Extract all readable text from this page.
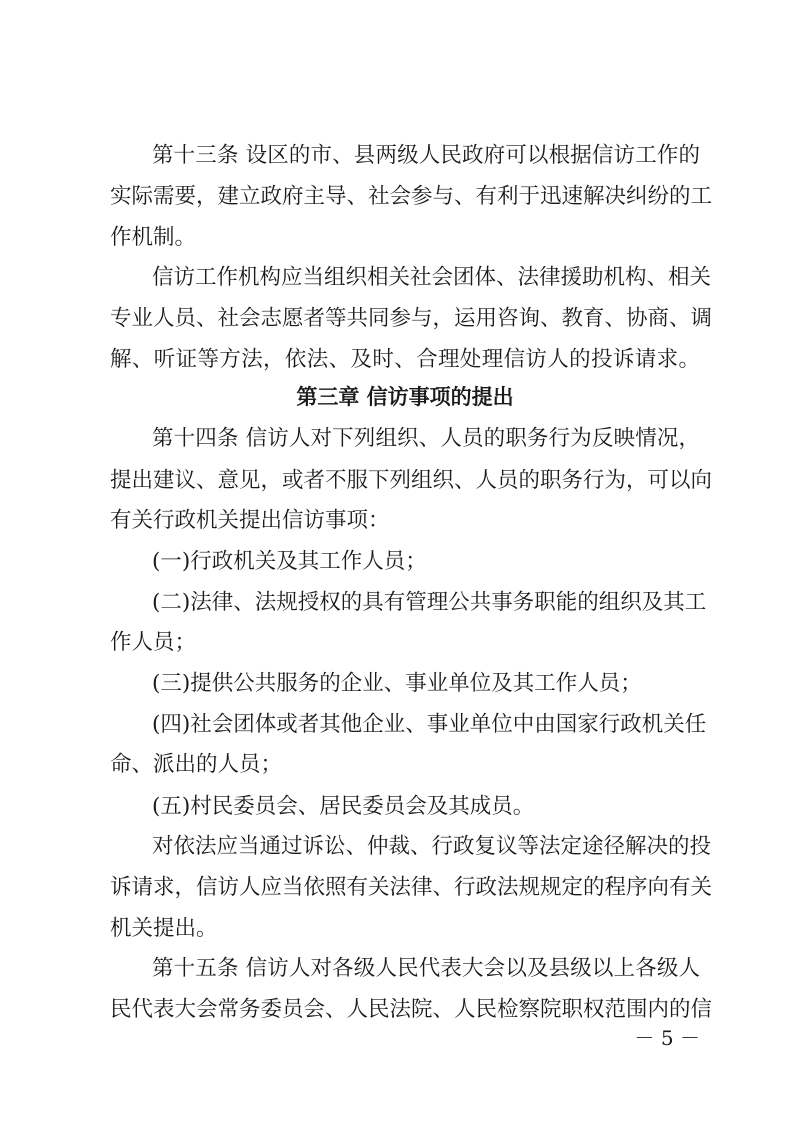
第十三条 设区的市、县两级人民政府可以根据信访工作的
实际需要，建立政府主导、社会参与、有利于迅速解决纠纷的工
作机制。
信访工作机构应当组织相关社会团体、法律援助机构、相关
专业人员、社会志愿者等共同参与，运用咨询、教育、协商、调
解、听证等方法，依法、及时、合理处理信访人的投诉请求。
第三章 信访事项的提出
第十四条 信访人对下列组织、人员的职务行为反映情况，
提出建议、意见，或者不服下列组织、人员的职务行为，可以向
有关行政机关提出信访事项：
(一)行政机关及其工作人员；
(二)法律、法规授权的具有管理公共事务职能的组织及其工
作人员；
(三)提供公共服务的企业、事业单位及其工作人员；
(四)社会团体或者其他企业、事业单位中由国家行政机关任
命、派出的人员；
(五)村民委员会、居民委员会及其成员。
对依法应当通过诉讼、仲裁、行政复议等法定途径解决的投
诉请求，信访人应当依照有关法律、行政法规规定的程序向有关
机关提出。
第十五条 信访人对各级人民代表大会以及县级以上各级人
民代表大会常务委员会、人民法院、人民检察院职权范围内的信
－ 5 －
